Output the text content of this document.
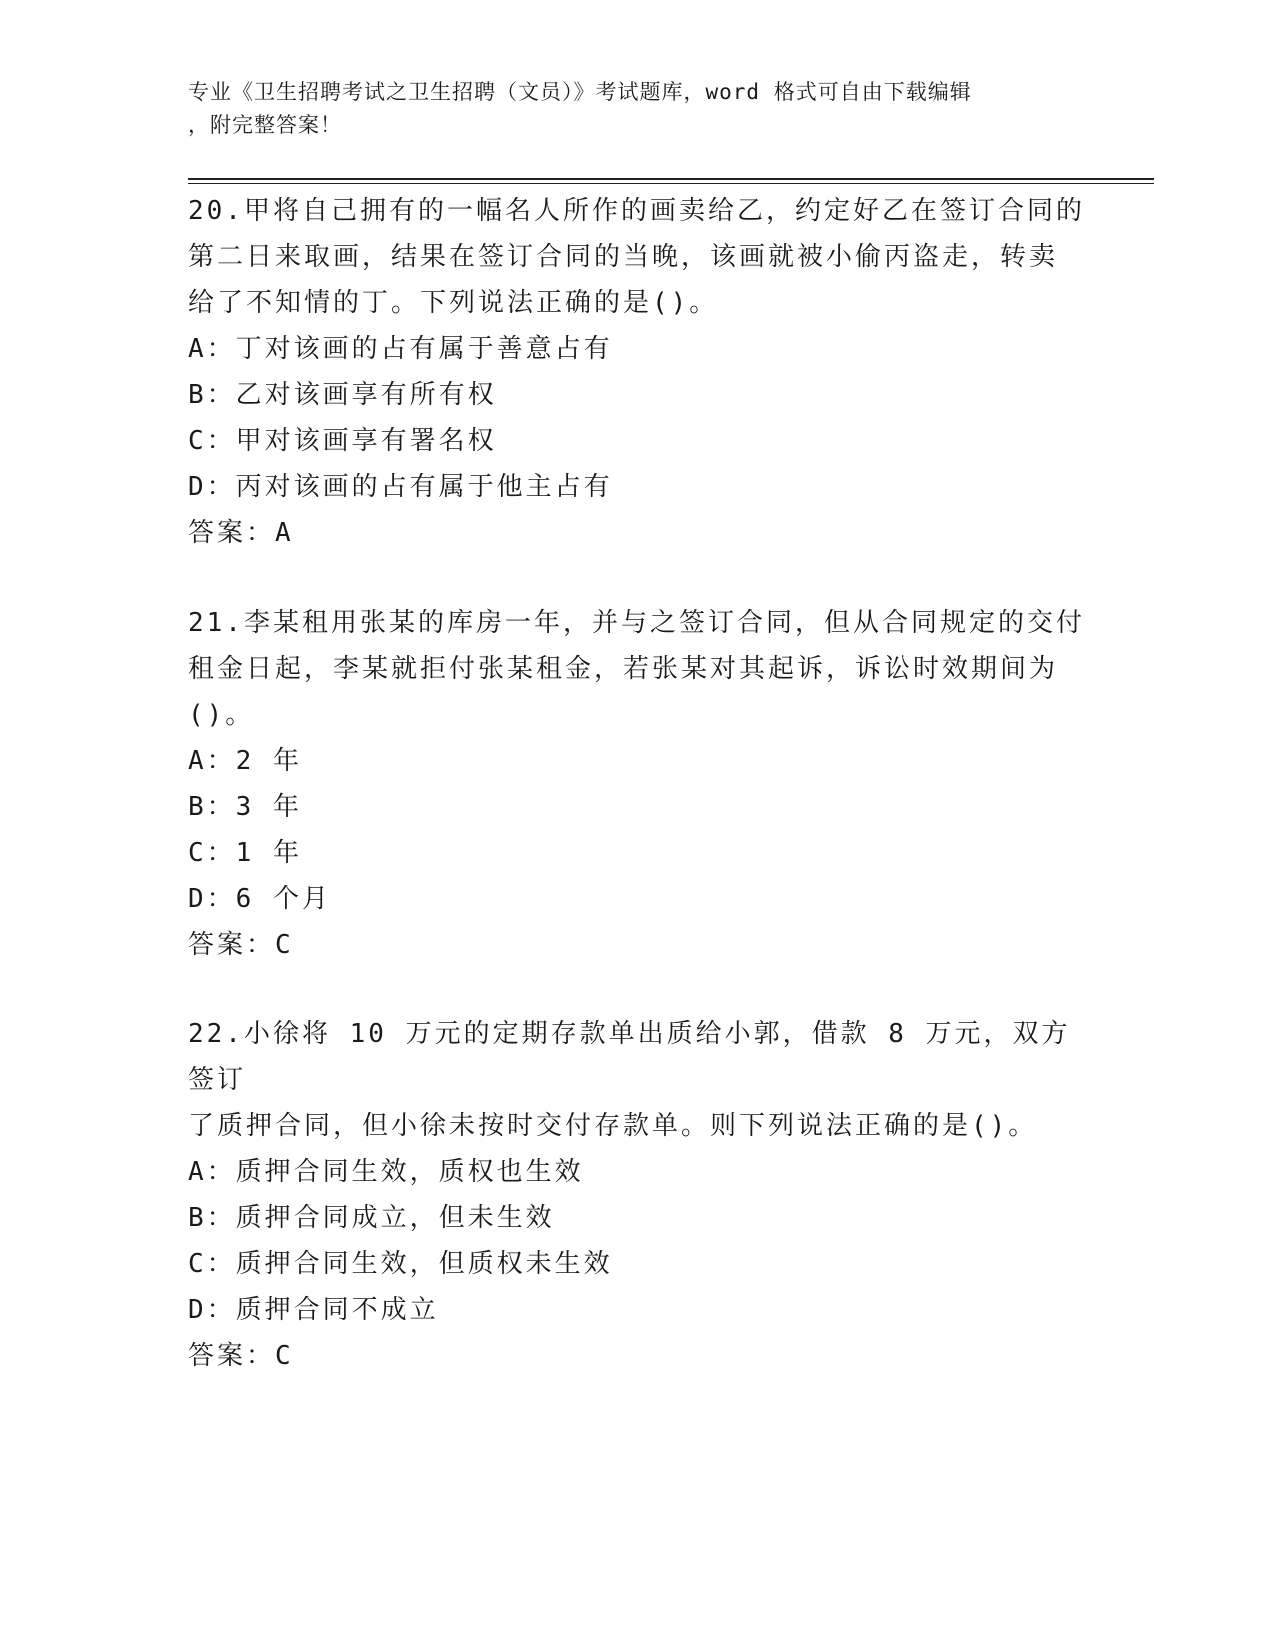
专业《卫生招聘考试之卫生招聘（文员）》考试题库，word 格式可自由下载编辑
，附完整答案！

20.甲将自己拥有的一幅名人所作的画卖给乙，约定好乙在签订合同的

第二日来取画，结果在签订合同的当晚，该画就被小偷丙盗走，转卖

给了不知情的丁。下列说法正确的是()。

A：丁对该画的占有属于善意占有

B：乙对该画享有所有权

C：甲对该画享有署名权

D：丙对该画的占有属于他主占有

答案：A

21.李某租用张某的库房一年，并与之签订合同，但从合同规定的交付

租金日起，李某就拒付张某租金，若张某对其起诉，诉讼时效期间为

()。

A：2 年

B：3 年

C：1 年

D：6 个月

答案：C

22.小徐将 10 万元的定期存款单出质给小郭，借款 8 万元，双方签订

了质押合同，但小徐未按时交付存款单。则下列说法正确的是()。

A：质押合同生效，质权也生效

B：质押合同成立，但未生效

C：质押合同生效，但质权未生效

D：质押合同不成立

答案：C
